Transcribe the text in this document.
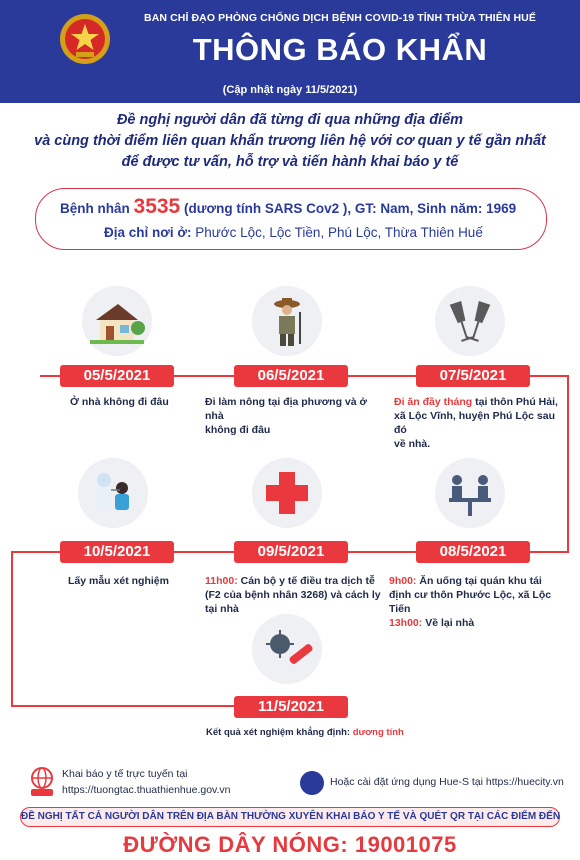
BAN CHỈ ĐẠO PHÒNG CHỐNG DỊCH BỆNH COVID-19 TỈNH THỪA THIÊN HUẾ
THÔNG BÁO KHẨN
(Cập nhật ngày 11/5/2021)
Đề nghị người dân đã từng đi qua những địa điểm
và cùng thời điểm liên quan khẩn trương liên hệ với cơ quan y tế gần nhất
để được tư vấn, hỗ trợ và tiến hành khai báo y tế
Bệnh nhân 3535 (dương tính SARS Cov2 ), GT: Nam, Sinh năm: 1969
Địa chỉ nơi ở: Phước Lộc, Lộc Tiền, Phú Lộc, Thừa Thiên Huế
05/5/2021	06/5/2021	07/5/2021
Ở nhà không đi đâu	Đi làm nông tại địa phương và ở nhà
không đi đâu
Đi ăn đầy tháng tại thôn Phú Hải,
xã Lộc Vĩnh, huyện Phú Lộc sau đó
về nhà.
10/5/2021	09/5/2021	08/5/2021
Lấy mẫu xét nghiệm	11h00: Cán bộ y tế điều tra dịch tễ
(F2 của bệnh nhân 3268) và cách ly
tại nhà
9h00: Ăn uống tại quán khu tái
định cư thôn Phước Lộc, xã Lộc Tiến
13h00: Về lại nhà
11/5/2021
Kết quả xét nghiệm khẳng định: dương tính
Khai báo y tế trực tuyến tại
https://tuongtac.thuathienhue.gov.vn
Hoặc cài đặt ứng dụng Hue-S tại https://huecity.vn
ĐỀ NGHỊ TẤT CẢ NGƯỜI DÂN TRÊN ĐỊA BÀN THƯỜNG XUYÊN KHAI BÁO Y TẾ VÀ QUÉT QR TẠI CÁC ĐIỂM ĐẾN
ĐƯỜNG DÂY NÓNG: 19001075
